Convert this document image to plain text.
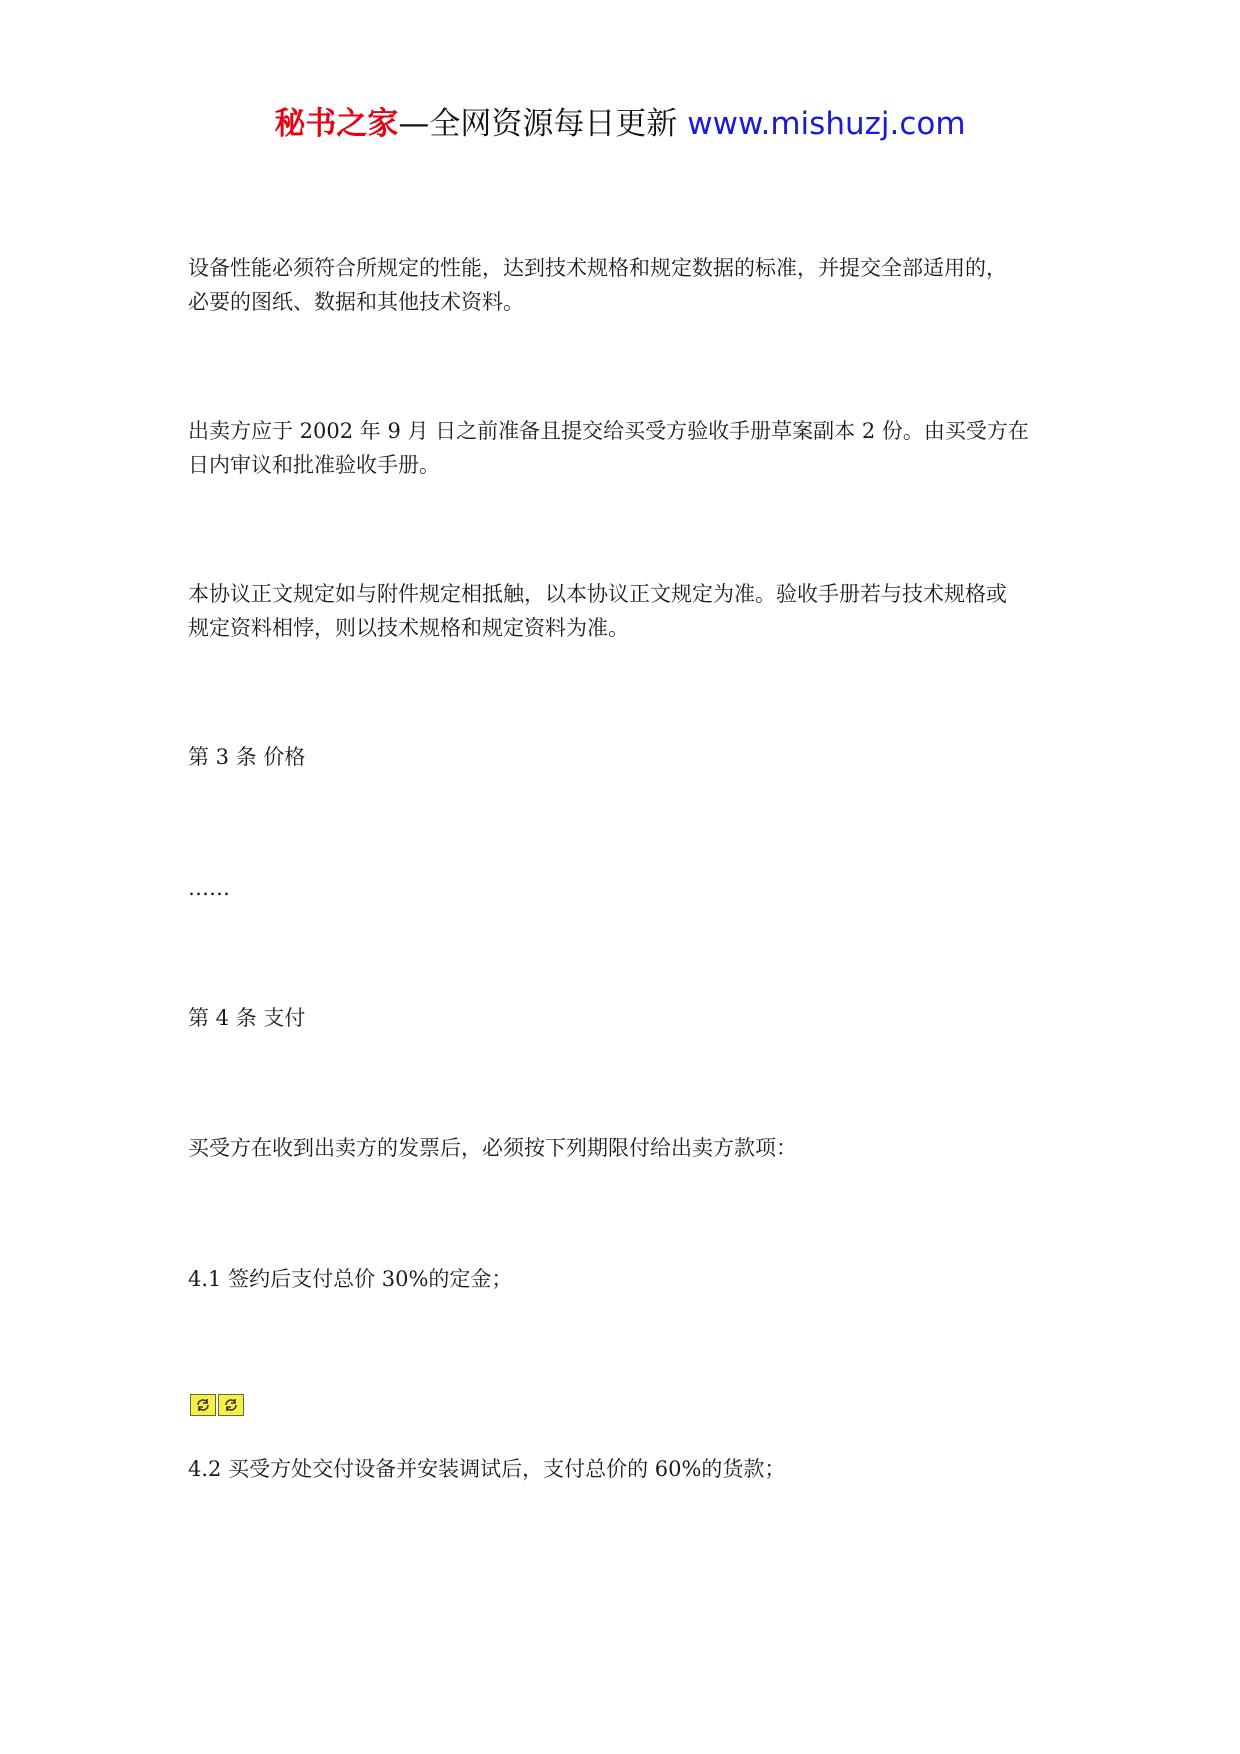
秘书之家—全网资源每日更新 www.mishuzj.com

设备性能必须符合所规定的性能，达到技术规格和规定数据的标准，并提交全部适用的，
必要的图纸、数据和其他技术资料。

出卖方应于 2002 年 9 月 日之前准备且提交给买受方验收手册草案副本 2 份。由买受方在
日内审议和批准验收手册。

本协议正文规定如与附件规定相抵触，以本协议正文规定为准。验收手册若与技术规格或
规定资料相悖，则以技术规格和规定资料为准。

第 3 条 价格

……

第 4 条 支付

买受方在收到出卖方的发票后，必须按下列期限付给出卖方款项：

4.1 签约后支付总价 30%的定金；

4.2 买受方处交付设备并安装调试后，支付总价的 60%的货款；
